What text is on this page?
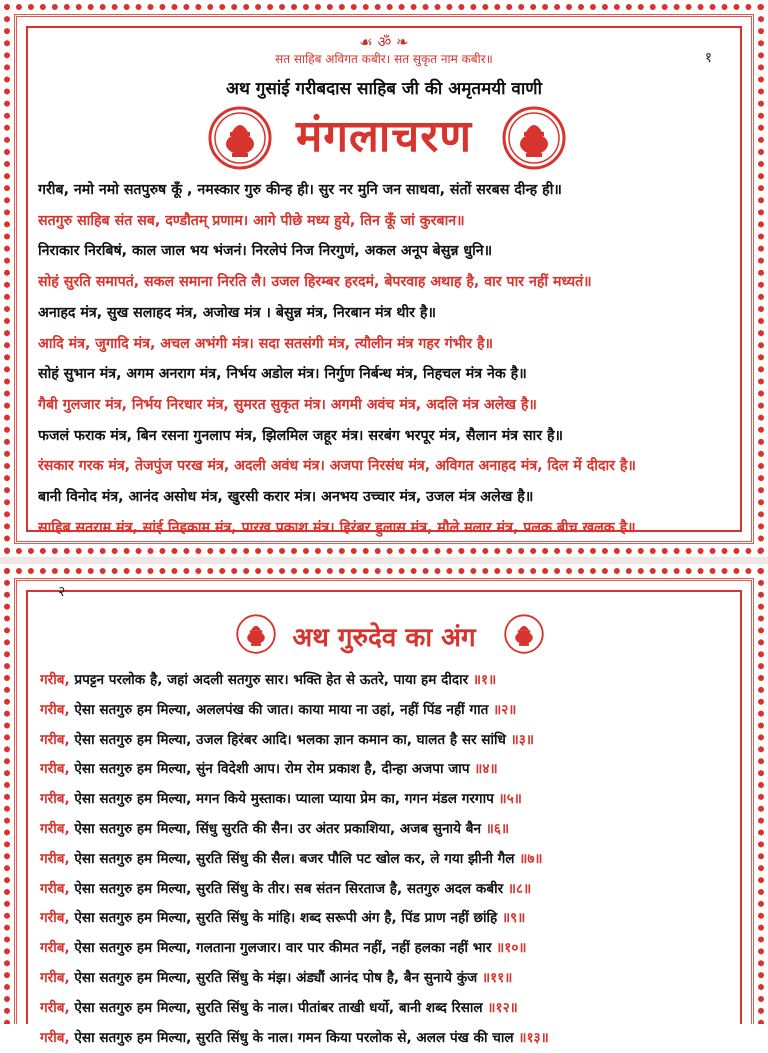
☙ ॐ ❧
१
सत साहिब अविगत कबीर। सत सुकृत नाम कबीर॥
अथ गुसांई गरीबदास साहिब जी की अमृतमयी वाणी
मंगलाचरण
गरीब, नमो नमो सतपुरुष कूँ , नमस्कार गुरु कीन्ह ही। सुर नर मुनि जन साधवा, संतों सरबस दीन्ह ही॥
सतगुरु साहिब संत सब, दण्डौतम् प्रणाम। आगे पीछे मध्य हुये, तिन कूँ जां कुरबान॥
निराकार निरबिषं, काल जाल भय भंजनं। निरलेपं निज निरगुणं, अकल अनूप बेसुन्न धुनि॥
सोहं सुरति समापतं, सकल समाना निरति लै। उजल हिरम्बर हरदमं, बेपरवाह अथाह है, वार पार नहीं मध्यतं॥
अनाहद मंत्र, सुख सलाहद मंत्र, अजोख मंत्र । बेसुन्न मंत्र, निरबान मंत्र थीर है॥
आदि मंत्र, जुगादि मंत्र, अचल अभंगी मंत्र। सदा सतसंगी मंत्र, त्यौलीन मंत्र गहर गंभीर है॥
सोहं सुभान मंत्र, अगम अनराग मंत्र, निर्भय अडोल मंत्र। निर्गुण निर्बन्ध मंत्र, निहचल मंत्र नेक है॥
गैबी गुलजार मंत्र, निर्भय निरधार मंत्र, सुमरत सुकृत मंत्र। अगमी अवंच मंत्र, अदलि मंत्र अलेख है॥
फजलं फराक मंत्र, बिन रसना गुनलाप मंत्र, झिलमिल जहूर मंत्र। सरबंग भरपूर मंत्र, सैलान मंत्र सार है॥
रंसकार गरक मंत्र, तेजपुंज परख मंत्र, अदली अवंध मंत्र। अजपा निरसंध मंत्र, अविगत अनाहद मंत्र, दिल में दीदार है॥
बानी विनोद मंत्र, आनंद असोध मंत्र, खुरसी करार मंत्र। अनभय उच्चार मंत्र, उजल मंत्र अलेख है॥
साहिब सतराम मंत्र, सांई निहकाम मंत्र, पारख प्रकाश मंत्र। हिरंबर हुलास मंत्र, मौले मलार मंत्र, पलक बीच खलक है॥
२
अथ गुरुदेव का अंग
गरीब, प्रपट्टन परलोक है, जहां अदली सतगुरु सार। भक्ति हेत से ऊतरे, पाया हम दीदार ॥१॥
गरीब, ऐसा सतगुरु हम मिल्या, अललपंख की जात। काया माया ना उहां, नहीं पिंड नहीं गात ॥२॥
गरीब, ऐसा सतगुरु हम मिल्या, उजल हिरंबर आदि। भलका ज्ञान कमान का, घालत है सर सांधि ॥३॥
गरीब, ऐसा सतगुरु हम मिल्या, सुंन विदेशी आप। रोम रोम प्रकाश है, दीन्हा अजपा जाप ॥४॥
गरीब, ऐसा सतगुरु हम मिल्या, मगन किये मुस्ताक। प्याला प्याया प्रेम का, गगन मंडल गरगाप ॥५॥
गरीब, ऐसा सतगुरु हम मिल्या, सिंधु सुरति की सैन। उर अंतर प्रकाशिया, अजब सुनाये बैन ॥६॥
गरीब, ऐसा सतगुरु हम मिल्या, सुरति सिंधु की सैल। बजर पौलि पट खोल कर, ले गया झीनी गैल ॥७॥
गरीब, ऐसा सतगुरु हम मिल्या, सुरति सिंधु के तीर। सब संतन सिरताज है, सतगुरु अदल कबीर ॥८॥
गरीब, ऐसा सतगुरु हम मिल्या, सुरति सिंधु के मांहि। शब्द सरूपी अंग है, पिंड प्राण नहीं छांहि ॥९॥
गरीब, ऐसा सतगुरु हम मिल्या, गलताना गुलजार। वार पार कीमत नहीं, नहीं हलका नहीं भार ॥१०॥
गरीब, ऐसा सतगुरु हम मिल्या, सुरति सिंधु के मंझ। अंड्यौं आनंद पोष है, बैन सुनाये कुंज ॥११॥
गरीब, ऐसा सतगुरु हम मिल्या, सुरति सिंधु के नाल। पीतांबर ताखी धर्यो, बानी शब्द रिसाल ॥१२॥
गरीब, ऐसा सतगुरु हम मिल्या, सुरति सिंधु के नाल। गमन किया परलोक से, अलल पंख की चाल ॥१३॥
